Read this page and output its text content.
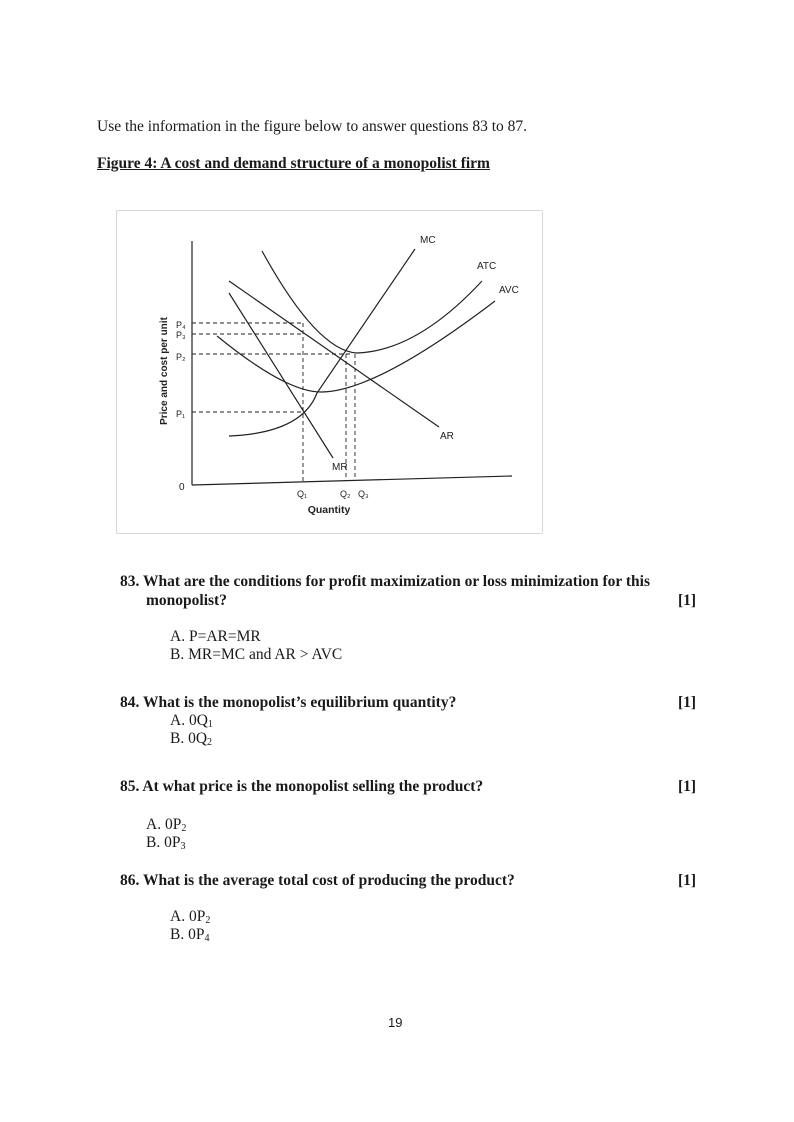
Use the information in the figure below to answer questions 83 to 87.
Figure 4: A cost and demand structure of a monopolist firm
MC
ATC
AVC
AR
MR
P₄
P₃
P₂
P₁
0
Q₁	Q₂ Q₃
Quantity
Price and cost per unit
83. What are the conditions for profit maximization or loss minimization for this
monopolist?	[1]
A. P=AR=MR
B. MR=MC and AR > AVC
84. What is the monopolist’s equilibrium quantity?	[1]
A. $0Q_1$
B. $0Q_2$
85. At what price is the monopolist selling the product?	[1]
A. $0P_2$
B. $0P_3$
86. What is the average total cost of producing the product?	[1]
A. $0P_2$
B. $0P_4$
19
